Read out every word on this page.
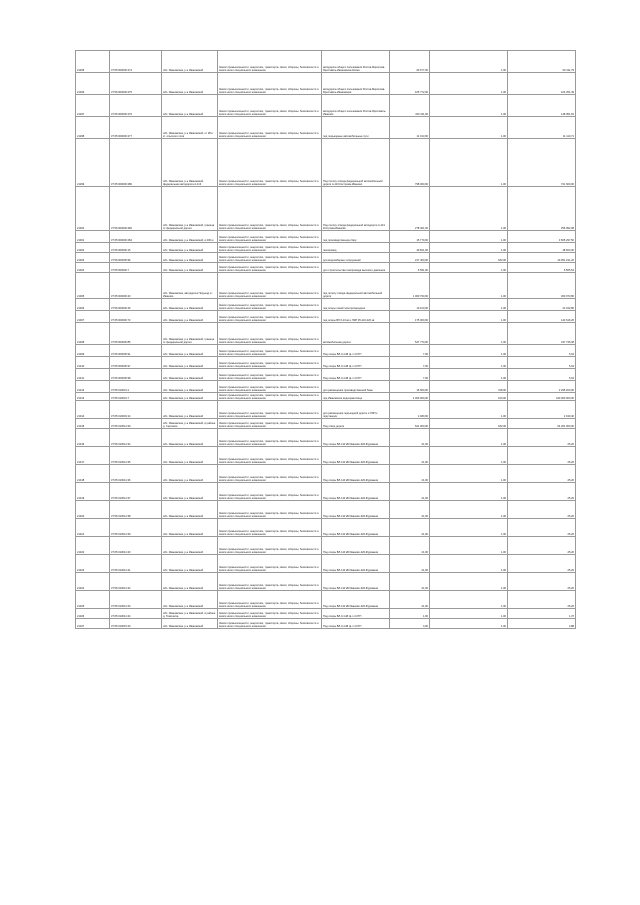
21295	37:05:000000:274	обл. Ивановская, р-н Ивановский	Земли промышленности, энергетики, транспорта, связи, обороны, безопасности и земли иного специального назначения	автодорога общего пользования Ростов-Мирослав-Ярославль-Ивановская-Кохма	60 677,00	1,00	60 411,79
21296	37:05:000000:275	обл. Ивановская, р-н Ивановский	Земли промышленности, энергетики, транспорта, связи, обороны, безопасности и земли иного специального назначения	автодорога общего пользования Ростов-Мирослав-Ярославль-Ивановская	105 772,00	1,00	104 251,49
21297	37:05:000000:276	обл. Ивановская, р-н Ивановский	Земли промышленности, энергетики, транспорта, связи, обороны, безопасности и земли иного специального назначения	автодорога общего пользования Ростов-Ярославль-Иваново	150 311,00	1,00	148 951,81
21298	37:05:000000:277	обл. Ивановская, р-н Ивановский, от 28 в ст. опытного поля	Земли промышленности, энергетики, транспорта, связи, обороны, безопасности и земли иного специального назначения	под подъездные автомобильные пути	11 013,00	1,00	11 113,71
21299	37:05:000000:280	обл. Ивановская, р-н Ивановский, федеральная автодорога А-113	Земли промышленности, энергетики, транспорта, связи, обороны, безопасности и земли иного специального назначения	Под полосу отвода федеральной автомобильной дороги А-113 Кострома-Иваново	798 000,00	1,00	721 600,00
21300	37:05:000000:282	обл. Ивановская, р-н Ивановский, граница от федеральной дороги	Земли промышленности, энергетики, транспорта, связи, обороны, безопасности и земли иного специального назначения	Под полосу отвода федеральной автодороги А-113 Кострома-Иваново	278 301,00	1,00	256 992,08
21301	37:05:000000:284	обл. Ивановская, р-н Ивановский, в 200 м	Земли промышленности, энергетики, транспорта, связи, обороны, безопасности и земли иного специального назначения	под производственную базу	15 779,00	1,00	3 665 297,50
21302	37:05:000000:15	обл. Ивановская, р-н Ивановский	Земли промышленности, энергетики, транспорта, связи, обороны, безопасности и земли иного специального назначения	газопровод	49 601,00	1,00	48 603,00
21303	37:05:000000:96	обл. Ивановская, р-н Ивановский	Земли промышленности, энергетики, транспорта, связи, обороны, безопасности и земли иного специального назначения	для водозаборных сооружений	217 400,00	182,00	40 051 241,20
21304	37:05:000000:7	обл. Ивановская, р-н Ивановский	Земли промышленности, энергетики, транспорта, связи, обороны, безопасности и земли иного специального назначения	для строительства газопровода высокого давления	6 591,00	1,00	6 565,54
21305	37:05:000000:43	обл. Ивановская, автодорога Подъезд к г. Иваново	Земли промышленности, энергетики, транспорта, связи, обороны, безопасности и земли иного специального назначения	под полосу отвода федеральной автомобильной дороги	1 060 790,00	1,00	300 073,86
21306	37:05:000000:46	обл. Ивановская, р-н Ивановский	Земли промышленности, энергетики, транспорта, связи, обороны, безопасности и земли иного специального назначения	под опоры линий электропередачи	10 100,00	1,00	22 042,80
21307	37:05:000000:73	обл. Ивановская, р-н Ивановский	Земли промышленности, энергетики, транспорта, связи, обороны, безопасности и земли иного специального назначения	под опоры ВЛ 6-10 кв и ЛЭП 35-110-220 кв	175 000,00	1,00	143 616,26
21308	37:05:000000:85	обл. Ивановская, р-н Ивановский, граница от федеральной дороги	Земли промышленности, энергетики, транспорта, связи, обороны, безопасности и земли иного специального назначения	автомобильная дорога	547 770,00	1,00	437 745,38
21309	37:05:000000:91	обл. Ивановская, р-н Ивановский	Земли промышленности, энергетики, транспорта, связи, обороны, безопасности и земли иного специального назначения	Под опоры ВЛ-0,4 кВ ф-л 4 КТП	7,00	1,00	5,04
21310	37:05:000000:97	обл. Ивановская, р-н Ивановский	Земли промышленности, энергетики, транспорта, связи, обороны, безопасности и земли иного специального назначения	Под опоры ВЛ-0,4 кВ ф-л 4 КТП	7,00	1,00	5,04
21311	37:05:000000:98	обл. Ивановская, р-н Ивановский	Земли промышленности, энергетики, транспорта, связи, обороны, безопасности и земли иного специального назначения	Под опоры ВЛ-0,4 кВ ф-л 4 КТП	7,00	1,00	5,04
21312	37:05:010001:1	обл. Ивановская, р-н Ивановский	Земли промышленности, энергетики, транспорта, связи, обороны, безопасности и земли иного специального назначения	для размещения производственной базы	15 000,00	318,00	3 295 200,00
21313	37:05:010001:7	обл. Ивановская, р-н Ивановский	Земли промышленности, энергетики, транспорта, связи, обороны, безопасности и земли иного специального назначения	под Ивановское водохранилище	4 000 000,00	100,00	440 000 000,00
21314	37:05:010004:14	обл. Ивановская, р-н Ивановский	Земли промышленности, энергетики, транспорта, связи, обороны, безопасности и земли иного специального назначения	для размещения подъездной дороги и ЛЭП к подстанции	2 480,00	1,00	2 430,40
21315	37:05:010014:30	обл. Ивановская, р-н Ивановский, в районе д. Сергеево	Земли промышленности, энергетики, транспорта, связи, обороны, безопасности и земли иного специального назначения	Под отвод дороги	621 000,00	182,00	64 261 000,00
21316	37:05:010014:34	обл. Ивановская, р-н Ивановский	Земли промышленности, энергетики, транспорта, связи, обороны, безопасности и земли иного специального назначения	Под опоры ВЛ-110 кВ Иваново-220-Фурманов	21,00	1,00	25,20
21317	37:05:010014:35	обл. Ивановская, р-н Ивановский	Земли промышленности, энергетики, транспорта, связи, обороны, безопасности и земли иного специального назначения	Под опоры ВЛ-110 кВ Иваново-220-Фурманов	21,00	1,00	25,20
21318	37:05:010014:36	обл. Ивановская, р-н Ивановский	Земли промышленности, энергетики, транспорта, связи, обороны, безопасности и земли иного специального назначения	Под опоры ВЛ-110 кВ Иваново-220-Фурманов	21,00	1,00	25,20
21319	37:05:010014:37	обл. Ивановская, р-н Ивановский	Земли промышленности, энергетики, транспорта, связи, обороны, безопасности и земли иного специального назначения	Под опоры ВЛ-110 кВ Иваново-220-Фурманов	21,00	1,00	25,20
21320	37:05:010014:38	обл. Ивановская, р-н Ивановский	Земли промышленности, энергетики, транспорта, связи, обороны, безопасности и земли иного специального назначения	Под опоры ВЛ-110 кВ Иваново-220-Фурманов	21,00	1,00	25,20
21321	37:05:010014:39	обл. Ивановская, р-н Ивановский	Земли промышленности, энергетики, транспорта, связи, обороны, безопасности и земли иного специального назначения	Под опоры ВЛ-110 кВ Иваново-220-Фурманов	21,00	1,00	25,20
21322	37:05:010014:40	обл. Ивановская, р-н Ивановский	Земли промышленности, энергетики, транспорта, связи, обороны, безопасности и земли иного специального назначения	Под опоры ВЛ-110 кВ Иваново-220-Фурманов	21,00	1,00	25,20
21323	37:05:010014:41	обл. Ивановская, р-н Ивановский	Земли промышленности, энергетики, транспорта, связи, обороны, безопасности и земли иного специального назначения	Под опоры ВЛ-110 кВ Иваново-220-Фурманов	21,00	1,00	25,20
21324	37:05:010014:42	обл. Ивановская, р-н Ивановский	Земли промышленности, энергетики, транспорта, связи, обороны, безопасности и земли иного специального назначения	Под опоры ВЛ-110 кВ Иваново-220-Фурманов	21,00	1,00	25,20
21325	37:05:010014:43	обл. Ивановская, р-н Ивановский	Земли промышленности, энергетики, транспорта, связи, обороны, безопасности и земли иного специального назначения	Под опоры ВЛ-110 кВ Иваново-220-Фурманов	21,00	1,00	25,20
21326	37:05:010014:44	обл. Ивановская, р-н Ивановский, в районе д. Тимошиха	Земли промышленности, энергетики, транспорта, связи, обороны, безопасности и земли иного специального назначения	Под опоры ВЛ-0,4 кВ ф-л 4 КТП	1,00	1,00	1,37
21327	37:05:010015:20	обл. Ивановская, р-н Ивановский	Земли промышленности, энергетики, транспорта, связи, обороны, безопасности и земли иного специального назначения	Под опоры ВЛ-0,4 кВ ф-л 4 КТП	4,00	1,00	4,88
